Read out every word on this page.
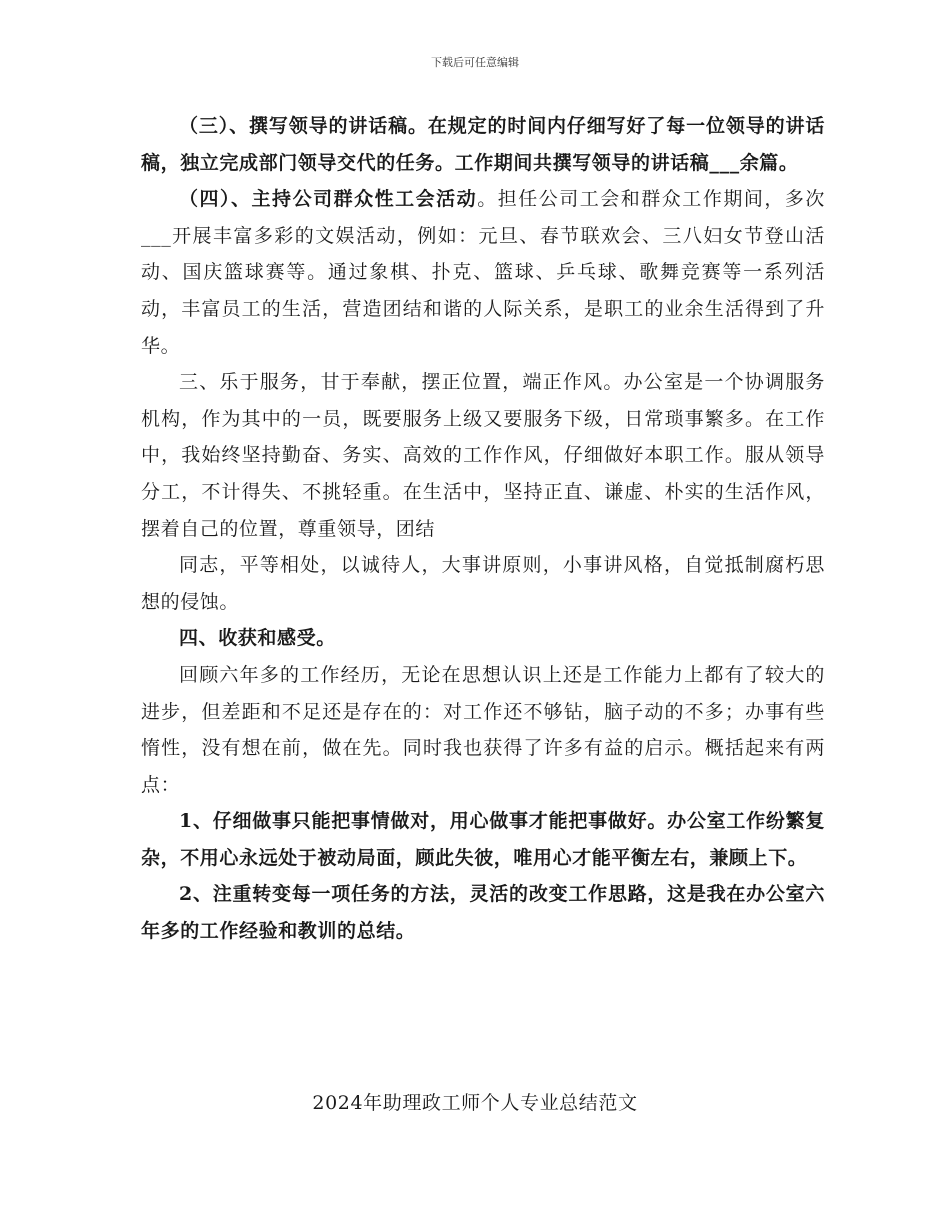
下载后可任意编辑

（三）、撰写领导的讲话稿。在规定的时间内仔细写好了每一位领导的讲话稿，独立完成部门领导交代的任务。工作期间共撰写领导的讲话稿___余篇。

（四）、主持公司群众性工会活动。担任公司工会和群众工作期间，多次___开展丰富多彩的文娱活动，例如：元旦、春节联欢会、三八妇女节登山活动、国庆篮球赛等。通过象棋、扑克、篮球、乒乓球、歌舞竞赛等一系列活动，丰富员工的生活，营造团结和谐的人际关系，是职工的业余生活得到了升华。

三、乐于服务，甘于奉献，摆正位置，端正作风。办公室是一个协调服务机构，作为其中的一员，既要服务上级又要服务下级，日常琐事繁多。在工作中，我始终坚持勤奋、务实、高效的工作作风，仔细做好本职工作。服从领导分工，不计得失、不挑轻重。在生活中，坚持正直、谦虚、朴实的生活作风，摆着自己的位置，尊重领导，团结

同志，平等相处，以诚待人，大事讲原则，小事讲风格，自觉抵制腐朽思想的侵蚀。

四、收获和感受。

回顾六年多的工作经历，无论在思想认识上还是工作能力上都有了较大的进步，但差距和不足还是存在的：对工作还不够钻，脑子动的不多；办事有些惰性，没有想在前，做在先。同时我也获得了许多有益的启示。概括起来有两点：

1、仔细做事只能把事情做对，用心做事才能把事做好。办公室工作纷繁复杂，不用心永远处于被动局面，顾此失彼，唯用心才能平衡左右，兼顾上下。

2、注重转变每一项任务的方法，灵活的改变工作思路，这是我在办公室六年多的工作经验和教训的总结。

2024年助理政工师个人专业总结范文
